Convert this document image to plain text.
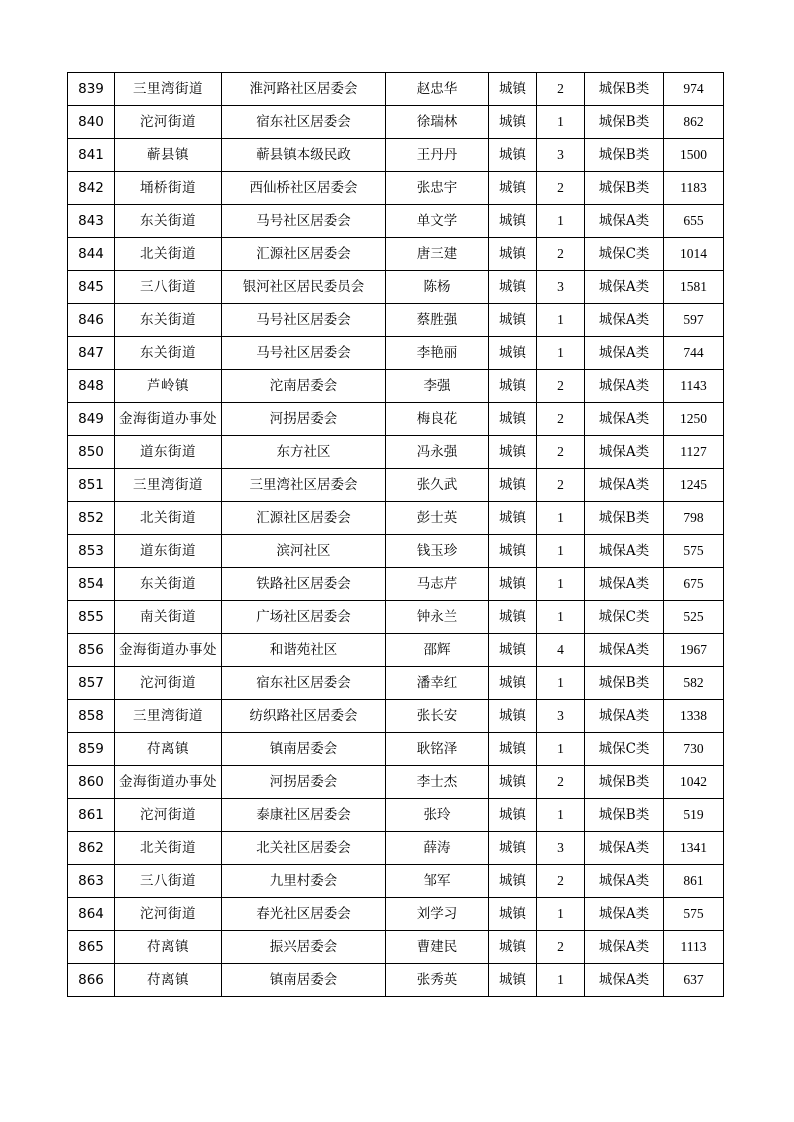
839	三里湾街道	淮河路社区居委会	赵忠华	城镇	2	城保B类	974
840	沱河街道	宿东社区居委会	徐瑞林	城镇	1	城保B类	862
841	蕲县镇	蕲县镇本级民政	王丹丹	城镇	3	城保B类	1500
842	埇桥街道	西仙桥社区居委会	张忠宇	城镇	2	城保B类	1183
843	东关街道	马号社区居委会	单文学	城镇	1	城保A类	655
844	北关街道	汇源社区居委会	唐三建	城镇	2	城保C类	1014
845	三八街道	银河社区居民委员会	陈杨	城镇	3	城保A类	1581
846	东关街道	马号社区居委会	蔡胜强	城镇	1	城保A类	597
847	东关街道	马号社区居委会	李艳丽	城镇	1	城保A类	744
848	芦岭镇	沱南居委会	李强	城镇	2	城保A类	1143
849	金海街道办事处	河拐居委会	梅良花	城镇	2	城保A类	1250
850	道东街道	东方社区	冯永强	城镇	2	城保A类	1127
851	三里湾街道	三里湾社区居委会	张久武	城镇	2	城保A类	1245
852	北关街道	汇源社区居委会	彭士英	城镇	1	城保B类	798
853	道东街道	滨河社区	钱玉珍	城镇	1	城保A类	575
854	东关街道	铁路社区居委会	马志芹	城镇	1	城保A类	675
855	南关街道	广场社区居委会	钟永兰	城镇	1	城保C类	525
856	金海街道办事处	和谐苑社区	邵辉	城镇	4	城保A类	1967
857	沱河街道	宿东社区居委会	潘幸红	城镇	1	城保B类	582
858	三里湾街道	纺织路社区居委会	张长安	城镇	3	城保A类	1338
859	苻离镇	镇南居委会	耿铭泽	城镇	1	城保C类	730
860	金海街道办事处	河拐居委会	李士杰	城镇	2	城保B类	1042
861	沱河街道	泰康社区居委会	张玲	城镇	1	城保B类	519
862	北关街道	北关社区居委会	薛涛	城镇	3	城保A类	1341
863	三八街道	九里村委会	邹军	城镇	2	城保A类	861
864	沱河街道	春光社区居委会	刘学习	城镇	1	城保A类	575
865	苻离镇	振兴居委会	曹建民	城镇	2	城保A类	1113
866	苻离镇	镇南居委会	张秀英	城镇	1	城保A类	637
